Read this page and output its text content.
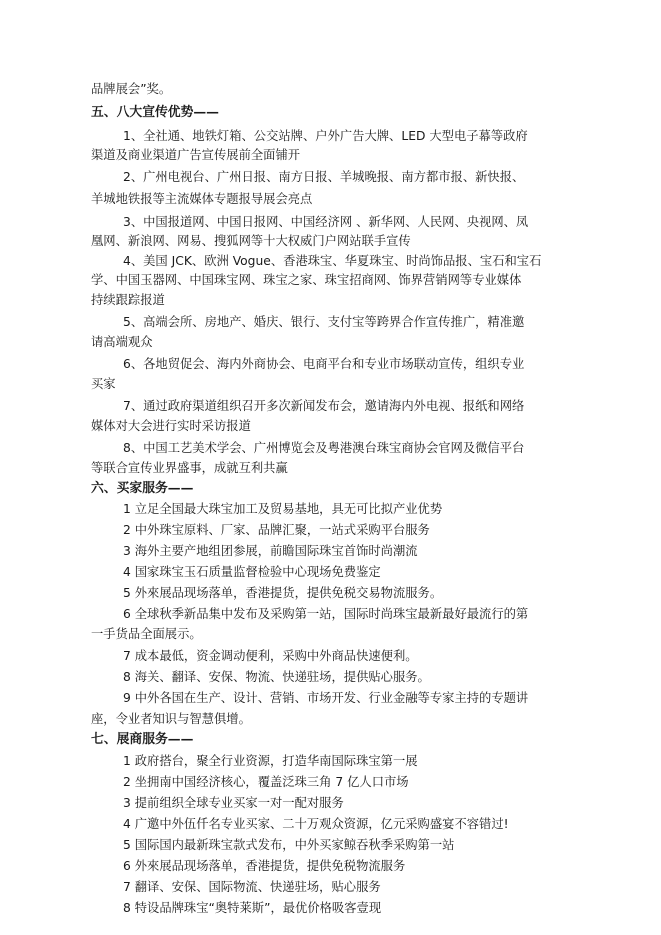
品牌展会”奖。
五、八大宣传优势——
1、全社通、地铁灯箱、公交站牌、户外广告大牌、LED 大型电子幕等政府
渠道及商业渠道广告宣传展前全面铺开
2、广州电视台、广州日报、南方日报、羊城晚报、南方都市报、新快报、
羊城地铁报等主流媒体专题报导展会亮点
3、中国报道网、中国日报网、中国经济网 、新华网、人民网、央视网、凤
凰网、新浪网、网易、搜狐网等十大权威门户网站联手宣传
4、美国 JCK、欧洲 Vogue、香港珠宝、华夏珠宝、时尚饰品报、宝石和宝石
学、中国玉器网、中国珠宝网、珠宝之家、珠宝招商网、饰界营销网等专业媒体
持续跟踪报道
5、高端会所、房地产、婚庆、银行、支付宝等跨界合作宣传推广，精准邀
请高端观众
6、各地贸促会、海内外商协会、电商平台和专业市场联动宣传，组织专业
买家
7、通过政府渠道组织召开多次新闻发布会，邀请海内外电视、报纸和网络
媒体对大会进行实时采访报道
8、中国工艺美术学会、广州博览会及粤港澳台珠宝商协会官网及微信平台
等联合宣传业界盛事，成就互利共赢
六、买家服务——
1 立足全国最大珠宝加工及贸易基地，具无可比拟产业优势
2 中外珠宝原料、厂家、品牌汇聚，一站式采购平台服务
3 海外主要产地组团参展，前瞻国际珠宝首饰时尚潮流
4 国家珠宝玉石质量监督检验中心现场免费鉴定
5 外來展品现场落单，香港提货，提供免税交易物流服务。
6 全球秋季新品集中发布及采购第一站，国际时尚珠宝最新最好最流行的第
一手货品全面展示。
7 成本最低，资金调动便利，采购中外商品快速便利。
8 海关、翻译、安保、物流、快递驻场，提供贴心服务。
9 中外各国在生产、设计、营销、市场开发、行业金融等专家主持的专题讲
座，令业者知识与智慧俱增。
七、展商服务——
1 政府搭台，聚全行业资源，打造华南国际珠宝第一展
2 坐拥南中国经济核心，覆盖泛珠三角 7 亿人口市场
3 提前组织全球专业买家一对一配对服务
4 广邀中外伍仟名专业买家、二十万观众资源，亿元采购盛宴不容错过!
5 国际国内最新珠宝款式发布，中外买家鲸吞秋季采购第一站
6 外來展品现场落单，香港提货，提供免税物流服务
7 翻译、安保、国际物流、快递驻场，贴心服务
8 特设品牌珠宝“奥特莱斯”，最优价格吸客壹现
